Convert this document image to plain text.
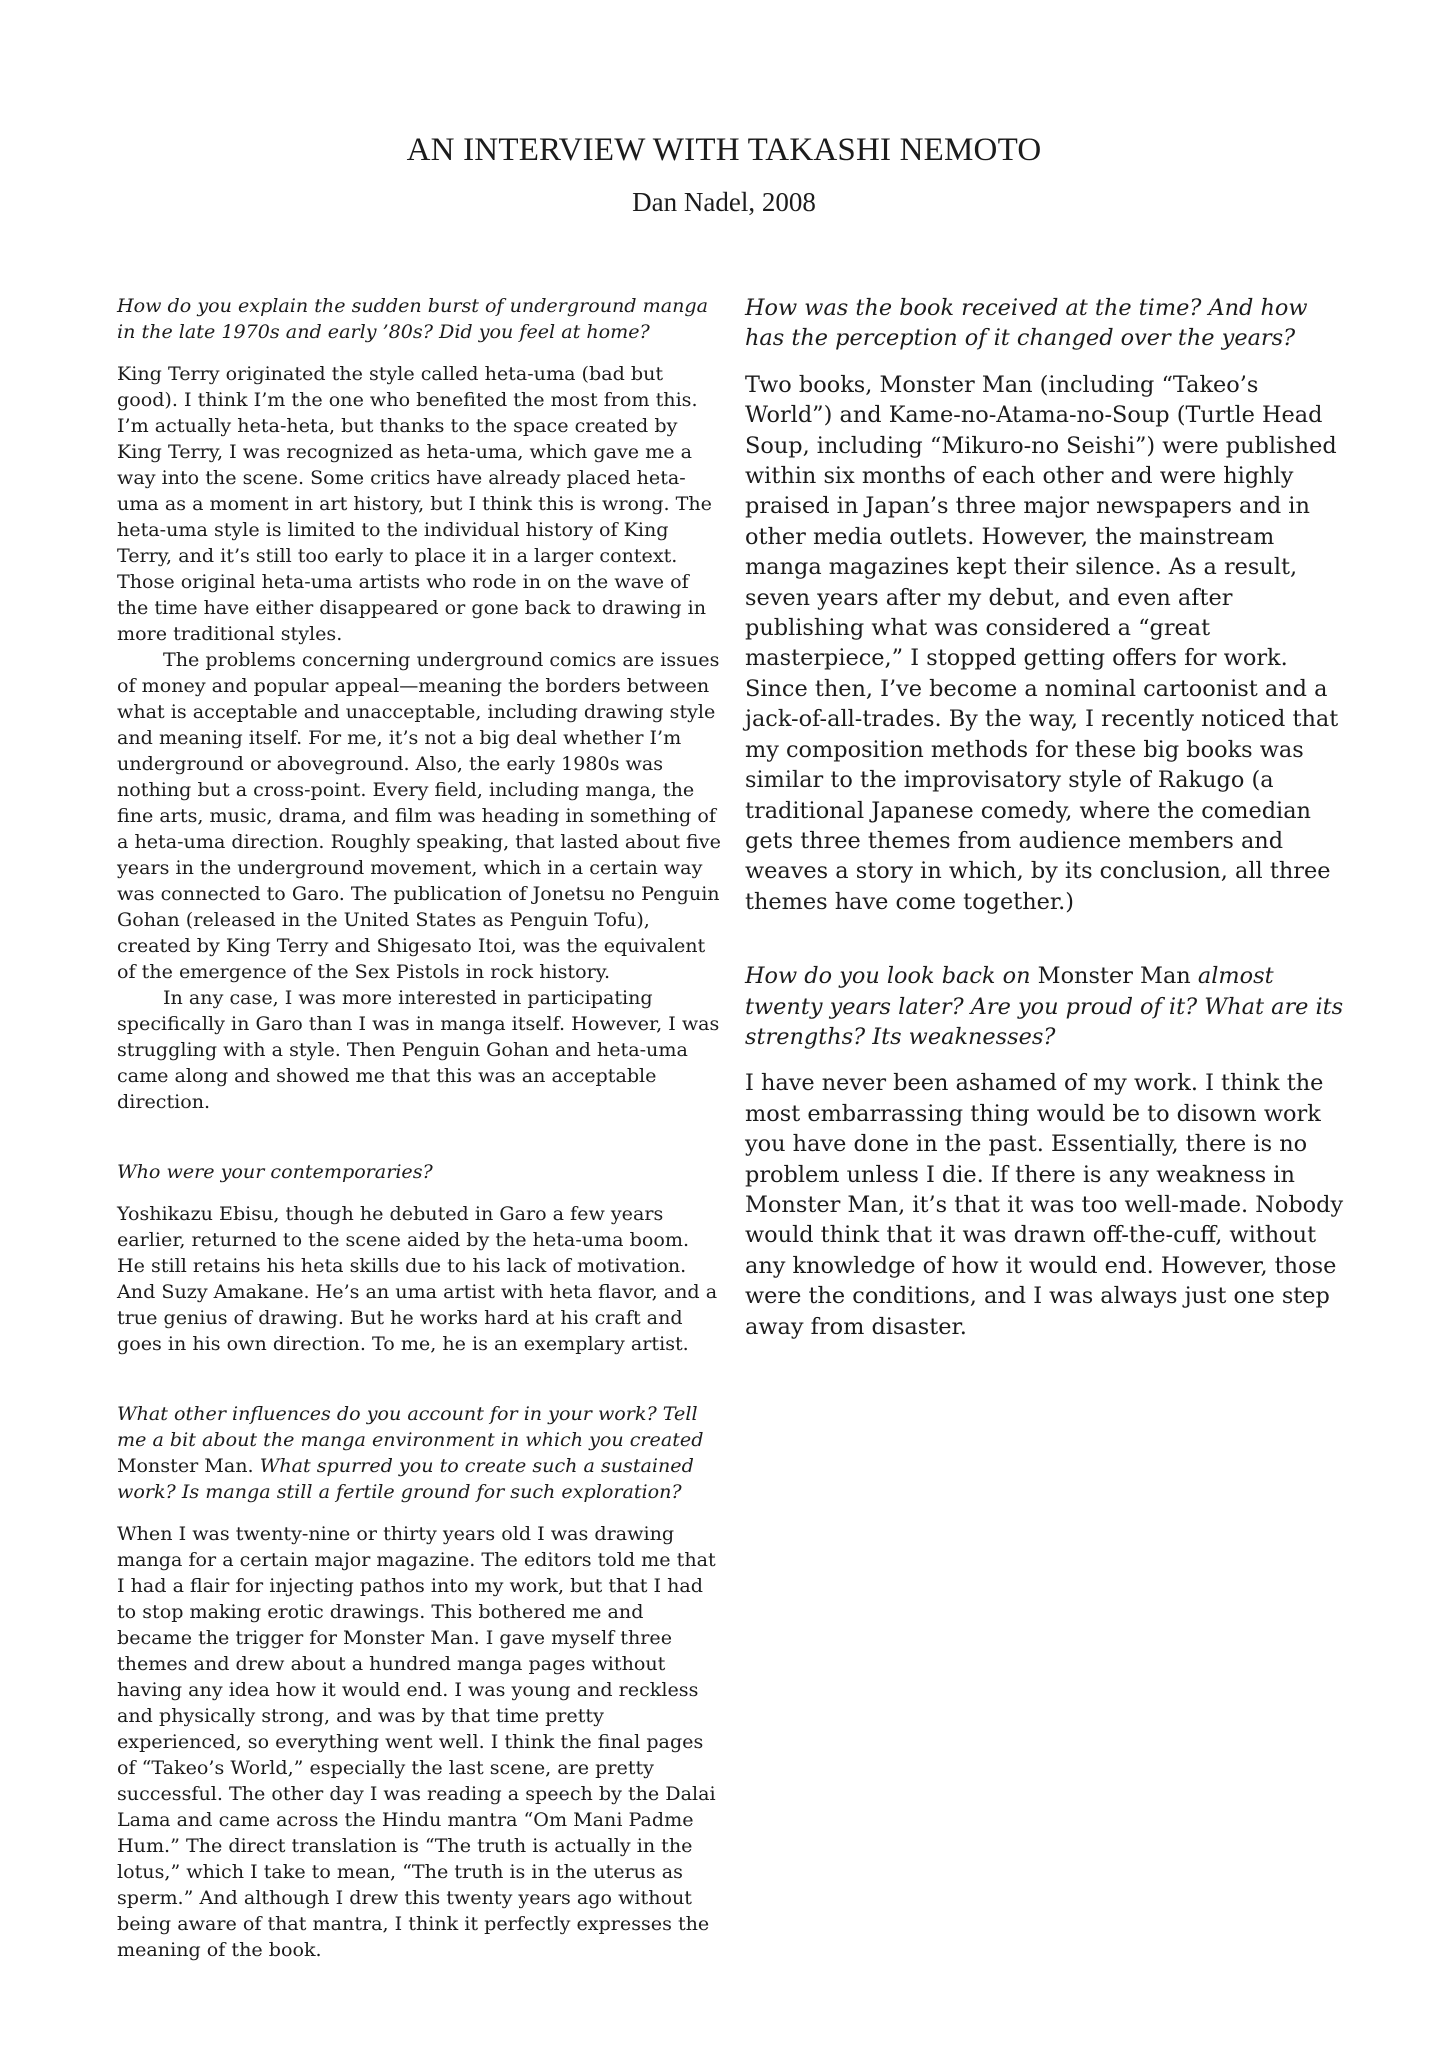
AN INTERVIEW WITH TAKASHI NEMOTO
Dan Nadel, 2008
How do you explain the sudden burst of underground manga in the late 1970s and early ’80s? Did you feel at home?

King Terry originated the style called heta-uma (bad but good). I think I’m the one who benefited the most from this. I’m actually heta-heta, but thanks to the space created by King Terry, I was recognized as heta-uma, which gave me a way into the scene. Some critics have already placed heta-uma as a moment in art history, but I think this is wrong. The heta-uma style is limited to the individual history of King Terry, and it’s still too early to place it in a larger context. Those original heta-uma artists who rode in on the wave of the time have either disappeared or gone back to drawing in more traditional styles.

The problems concerning underground comics are issues of money and popular appeal—meaning the borders between what is acceptable and unacceptable, including drawing style and meaning itself. For me, it’s not a big deal whether I’m underground or aboveground. Also, the early 1980s was nothing but a cross-point. Every field, including manga, the fine arts, music, drama, and film was heading in something of a heta-uma direction. Roughly speaking, that lasted about five years in the underground movement, which in a certain way was connected to Garo. The publication of Jonetsu no Penguin Gohan (released in the United States as Penguin Tofu), created by King Terry and Shigesato Itoi, was the equivalent of the emergence of the Sex Pistols in rock history.

In any case, I was more interested in participating specifically in Garo than I was in manga itself. However, I was struggling with a style. Then Penguin Gohan and heta-uma came along and showed me that this was an acceptable direction.

Who were your contemporaries?

Yoshikazu Ebisu, though he debuted in Garo a few years earlier, returned to the scene aided by the heta-uma boom. He still retains his heta skills due to his lack of motivation. And Suzy Amakane. He’s an uma artist with heta flavor, and a true genius of drawing. But he works hard at his craft and goes in his own direction. To me, he is an exemplary artist.

What other influences do you account for in your work? Tell me a bit about the manga environment in which you created Monster Man. What spurred you to create such a sustained work? Is manga still a fertile ground for such exploration?

When I was twenty-nine or thirty years old I was drawing manga for a certain major magazine. The editors told me that I had a flair for injecting pathos into my work, but that I had to stop making erotic drawings. This bothered me and became the trigger for Monster Man. I gave myself three themes and drew about a hundred manga pages without having any idea how it would end. I was young and reckless and physically strong, and was by that time pretty experienced, so everything went well. I think the final pages of “Takeo’s World,” especially the last scene, are pretty successful. The other day I was reading a speech by the Dalai Lama and came across the Hindu mantra “Om Mani Padme Hum.” The direct translation is “The truth is actually in the lotus,” which I take to mean, “The truth is in the uterus as sperm.” And although I drew this twenty years ago without being aware of that mantra, I think it perfectly expresses the meaning of the book.

How was the book received at the time? And how has the perception of it changed over the years?

Two books, Monster Man (including “Takeo’s World”) and Kame-no-Atama-no-Soup (Turtle Head Soup, including “Mikuro-no Seishi”) were published within six months of each other and were highly praised in Japan’s three major newspapers and in other media outlets. However, the mainstream manga magazines kept their silence. As a result, seven years after my debut, and even after publishing what was considered a “great masterpiece,” I stopped getting offers for work. Since then, I’ve become a nominal cartoonist and a jack-of-all-trades. By the way, I recently noticed that my composition methods for these big books was similar to the improvisatory style of Rakugo (a traditional Japanese comedy, where the comedian gets three themes from audience members and weaves a story in which, by its conclusion, all three themes have come together.)

How do you look back on Monster Man almost twenty years later? Are you proud of it? What are its strengths? Its weaknesses?

I have never been ashamed of my work. I think the most embarrassing thing would be to disown work you have done in the past. Essentially, there is no problem unless I die. If there is any weakness in Monster Man, it’s that it was too well-made. Nobody would think that it was drawn off-the-cuff, without any knowledge of how it would end. However, those were the conditions, and I was always just one step away from disaster.
